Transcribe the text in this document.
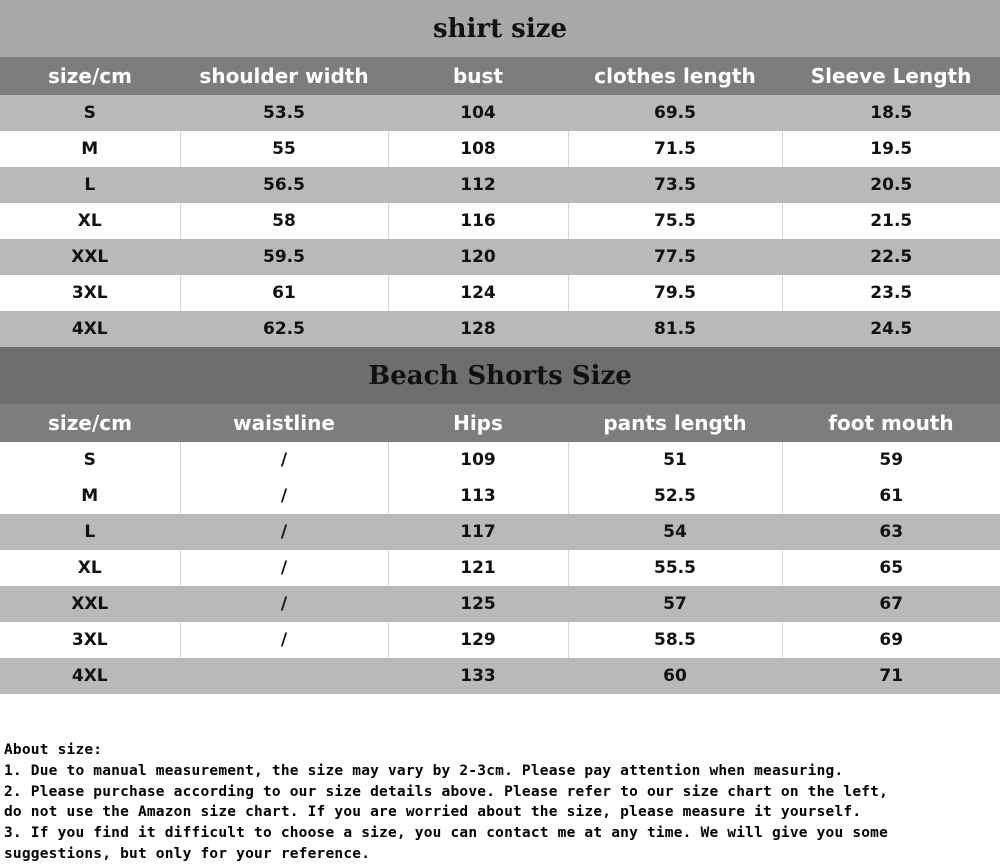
shirt size				
size/cm	shoulder width	bust	clothes length	Sleeve Length
S	53.5	104	69.5	18.5
M	55	108	71.5	19.5
L	56.5	112	73.5	20.5
XL	58	116	75.5	21.5
XXL	59.5	120	77.5	22.5
3XL	61	124	79.5	23.5
4XL	62.5	128	81.5	24.5
Beach Shorts Size				
size/cm	waistline	Hips	pants length	foot mouth
S	/	109	51	59
M	/	113	52.5	61
L	/	117	54	63
XL	/	121	55.5	65
XXL	/	125	57	67
3XL	/	129	58.5	69
4XL		133	60	71

About size:

1. Due to manual measurement, the size may vary by 2-3cm. Please pay attention when measuring.

2. Please purchase according to our size details above. Please refer to our size chart on the left,

do not use the Amazon size chart. If you are worried about the size, please measure it yourself.

3. If you find it difficult to choose a size, you can contact me at any time. We will give you some

suggestions, but only for your reference.
